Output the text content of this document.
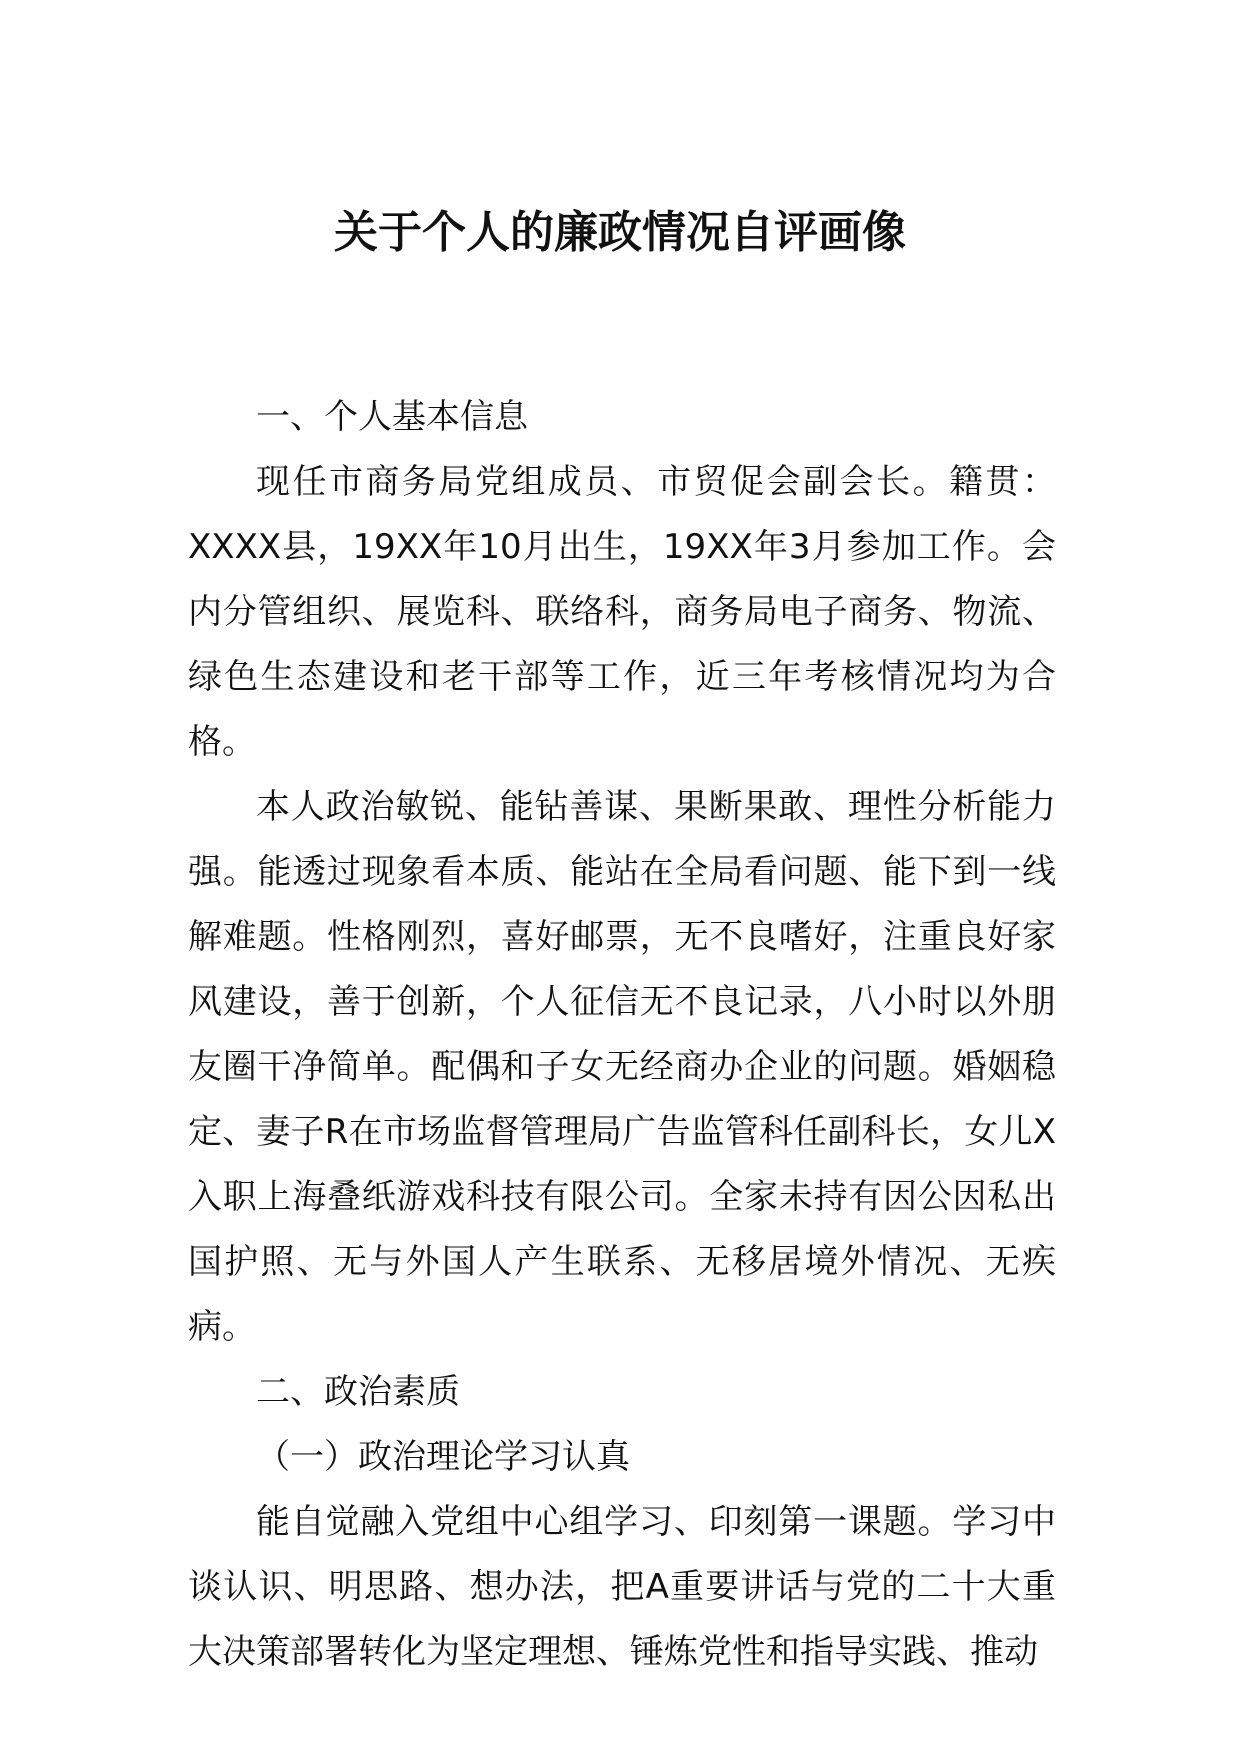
关于个人的廉政情况自评画像

一、个人基本信息

现任市商务局党组成员、市贸促会副会长。籍贯：XXXX县，19XX年10月出生，19XX年3月参加工作。会内分管组织、展览科、联络科，商务局电子商务、物流、绿色生态建设和老干部等工作，近三年考核情况均为合格。

本人政治敏锐、能钻善谋、果断果敢、理性分析能力强。能透过现象看本质、能站在全局看问题、能下到一线解难题。性格刚烈，喜好邮票，无不良嗜好，注重良好家风建设，善于创新，个人征信无不良记录，八小时以外朋友圈干净简单。配偶和子女无经商办企业的问题。婚姻稳定、妻子R在市场监督管理局广告监管科任副科长，女儿X入职上海叠纸游戏科技有限公司。全家未持有因公因私出国护照、无与外国人产生联系、无移居境外情况、无疾病。

二、政治素质

（一）政治理论学习认真

能自觉融入党组中心组学习、印刻第一课题。学习中谈认识、明思路、想办法，把A重要讲话与党的二十大重大决策部署转化为坚定理想、锤炼党性和指导实践、推动
